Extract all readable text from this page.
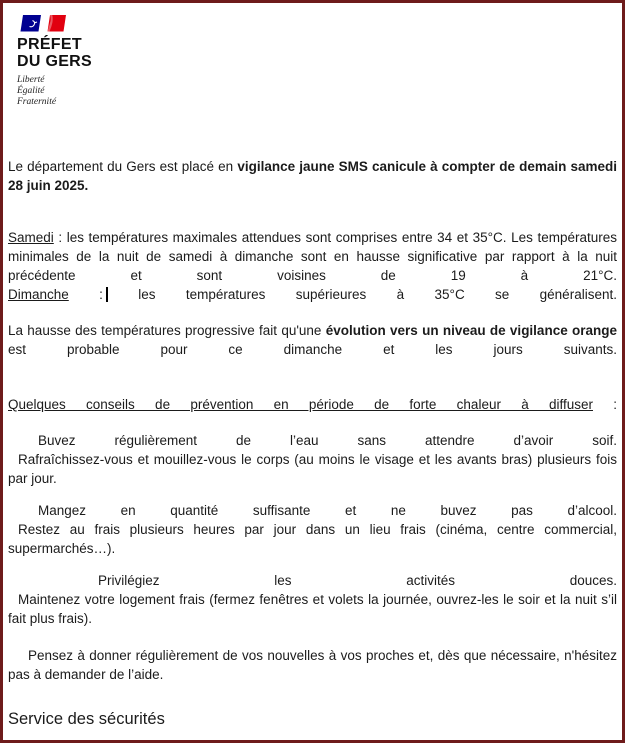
PRÉFET
DU GERS
Liberté
Égalité
Fraternité

Le département du Gers est placé en vigilance jaune SMS canicule à compter de demain samedi 28 juin 2025.

Samedi : les températures maximales attendues sont comprises entre 34 et 35°C. Les températures minimales de la nuit de samedi à dimanche sont en hausse significative par rapport à la nuit précédente et sont voisines de 19 à 21°C.
Dimanche :	les températures supérieures à 35°C se généralisent.
La hausse des températures progressive fait qu'une évolution vers un niveau de vigilance orange est probable pour ce dimanche et les jours suivants.
Quelques conseils de prévention en période de forte chaleur à diffuser :
Buvez régulièrement de l’eau sans attendre d’avoir soif.
Rafraîchissez-vous et mouillez-vous le corps (au moins le visage et les avants bras) plusieurs fois par jour.
Mangez en quantité suffisante et ne buvez pas d’alcool.
Restez au frais plusieurs heures par jour dans un lieu frais (cinéma, centre commercial, supermarchés…).
Privilégiez les activités douces.
Maintenez votre logement frais (fermez fenêtres et volets la journée, ouvrez-les le soir et la nuit s’il fait plus frais).
Pensez à donner régulièrement de vos nouvelles à vos proches et, dès que nécessaire, n'hésitez pas à demander de l’aide.
Service des sécurités
